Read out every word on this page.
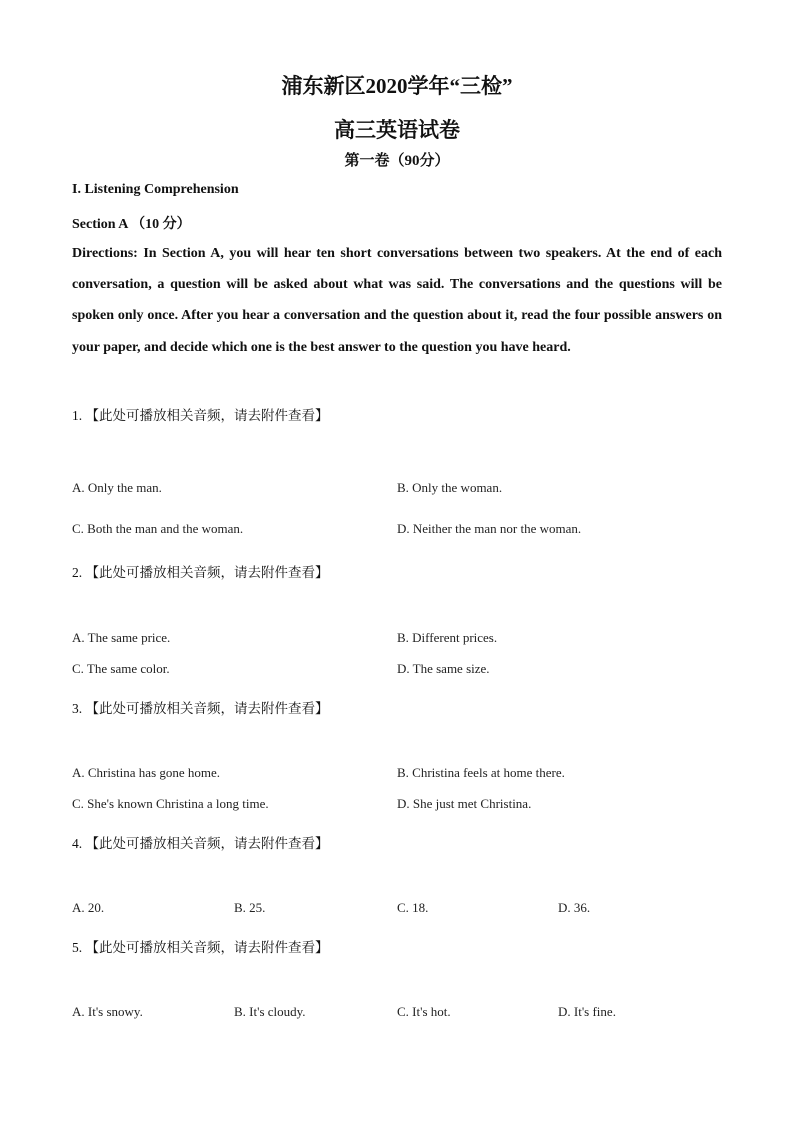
浦东新区2020学年“三检”
高三英语试卷
第一卷（90分）
I. Listening Comprehension
Section A （10 分）
Directions: In Section A, you will hear ten short conversations between two speakers. At the end of each conversation, a question will be asked about what was said. The conversations and the questions will be spoken only once. After you hear a conversation and the question about it, read the four possible answers on your paper, and decide which one is the best answer to the question you have heard.
1. 【此处可播放相关音频，请去附件查看】
A. Only the man.	B. Only the woman.
C. Both the man and the woman.	D. Neither the man nor the woman.
2. 【此处可播放相关音频，请去附件查看】
A. The same price.	B. Different prices.
C. The same color.	D. The same size.
3. 【此处可播放相关音频，请去附件查看】
A. Christina has gone home.	B. Christina feels at home there.
C. She's known Christina a long time.	D. She just met Christina.
4. 【此处可播放相关音频，请去附件查看】
A. 20.	B. 25.	C. 18.	D. 36.
5. 【此处可播放相关音频，请去附件查看】
A. It's snowy.	B. It's cloudy.	C. It's hot.	D. It's fine.
